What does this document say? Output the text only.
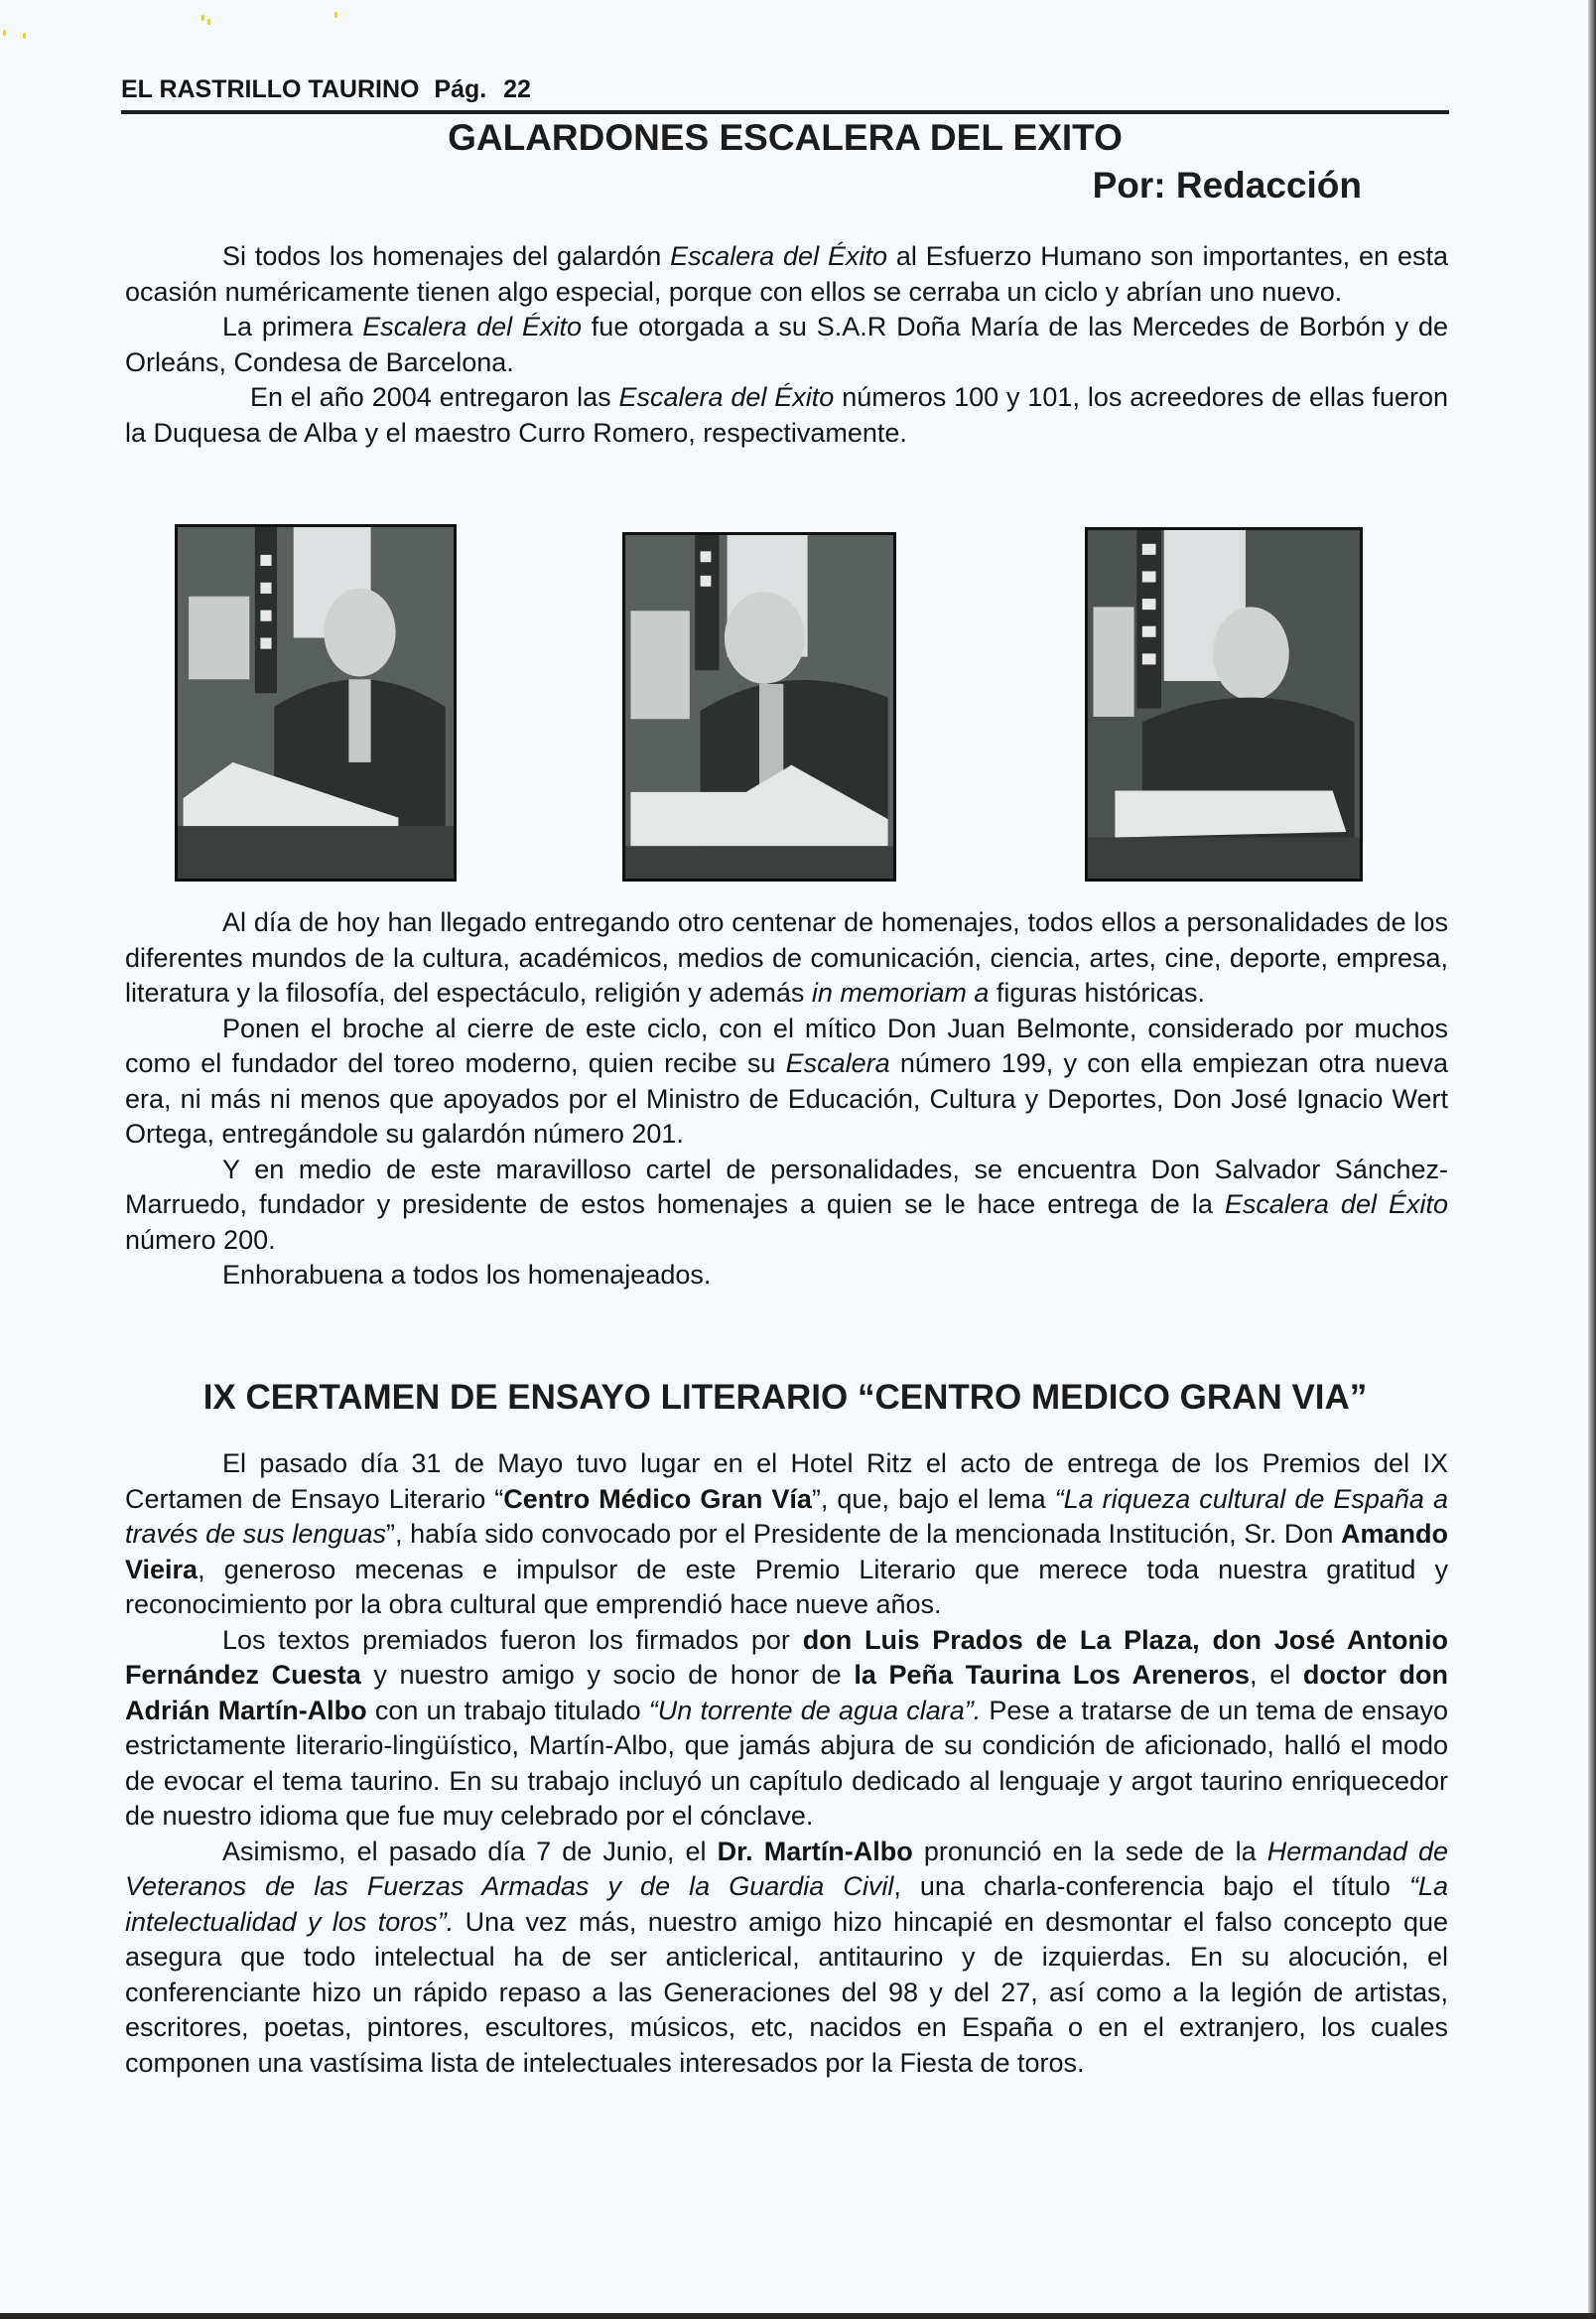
EL RASTRILLO TAURINO Pág. 22
GALARDONES ESCALERA DEL EXITO
Por: Redacción

Si todos los homenajes del galardón Escalera del Éxito al Esfuerzo Humano son importantes, en esta ocasión numéricamente tienen algo especial, porque con ellos se cerraba un ciclo y abrían uno nuevo.

La primera Escalera del Éxito fue otorgada a su S.A.R Doña María de las Mercedes de Borbón y de Orleáns, Condesa de Barcelona.

En el año 2004 entregaron las Escalera del Éxito números 100 y 101, los acreedores de ellas fueron la Duquesa de Alba y el maestro Curro Romero, respectivamente.

Al día de hoy han llegado entregando otro centenar de homenajes, todos ellos a personalidades de los diferentes mundos de la cultura, académicos, medios de comunicación, ciencia, artes, cine, deporte, empresa, literatura y la filosofía, del espectáculo, religión y además in memoriam a figuras históricas.

Ponen el broche al cierre de este ciclo, con el mítico Don Juan Belmonte, considerado por muchos como el fundador del toreo moderno, quien recibe su Escalera número 199, y con ella empiezan otra nueva era, ni más ni menos que apoyados por el Ministro de Educación, Cultura y Deportes, Don José Ignacio Wert Ortega, entregándole su galardón número 201.

Y en medio de este maravilloso cartel de personalidades, se encuentra Don Salvador Sánchez-Marruedo, fundador y presidente de estos homenajes a quien se le hace entrega de la Escalera del Éxito número 200.

Enhorabuena a todos los homenajeados.

IX CERTAMEN DE ENSAYO LITERARIO “CENTRO MEDICO GRAN VIA”

El pasado día 31 de Mayo tuvo lugar en el Hotel Ritz el acto de entrega de los Premios del IX Certamen de Ensayo Literario “Centro Médico Gran Vía”, que, bajo el lema “La riqueza cultural de España a través de sus lenguas”, había sido convocado por el Presidente de la mencionada Institución, Sr. Don Amando Vieira, generoso mecenas e impulsor de este Premio Literario que merece toda nuestra gratitud y reconocimiento por la obra cultural que emprendió hace nueve años.

Los textos premiados fueron los firmados por don Luis Prados de La Plaza, don José Antonio Fernández Cuesta y nuestro amigo y socio de honor de la Peña Taurina Los Areneros, el doctor don Adrián Martín-Albo con un trabajo titulado “Un torrente de agua clara”. Pese a tratarse de un tema de ensayo estrictamente literario-lingüístico, Martín-Albo, que jamás abjura de su condición de aficionado, halló el modo de evocar el tema taurino. En su trabajo incluyó un capítulo dedicado al lenguaje y argot taurino enriquecedor de nuestro idioma que fue muy celebrado por el cónclave.

Asimismo, el pasado día 7 de Junio, el Dr. Martín-Albo pronunció en la sede de la Hermandad de Veteranos de las Fuerzas Armadas y de la Guardia Civil, una charla-conferencia bajo el título “La intelectualidad y los toros”. Una vez más, nuestro amigo hizo hincapié en desmontar el falso concepto que asegura que todo intelectual ha de ser anticlerical, antitaurino y de izquierdas. En su alocución, el conferenciante hizo un rápido repaso a las Generaciones del 98 y del 27, así como a la legión de artistas, escritores, poetas, pintores, escultores, músicos, etc, nacidos en España o en el extranjero, los cuales componen una vastísima lista de intelectuales interesados por la Fiesta de toros.
